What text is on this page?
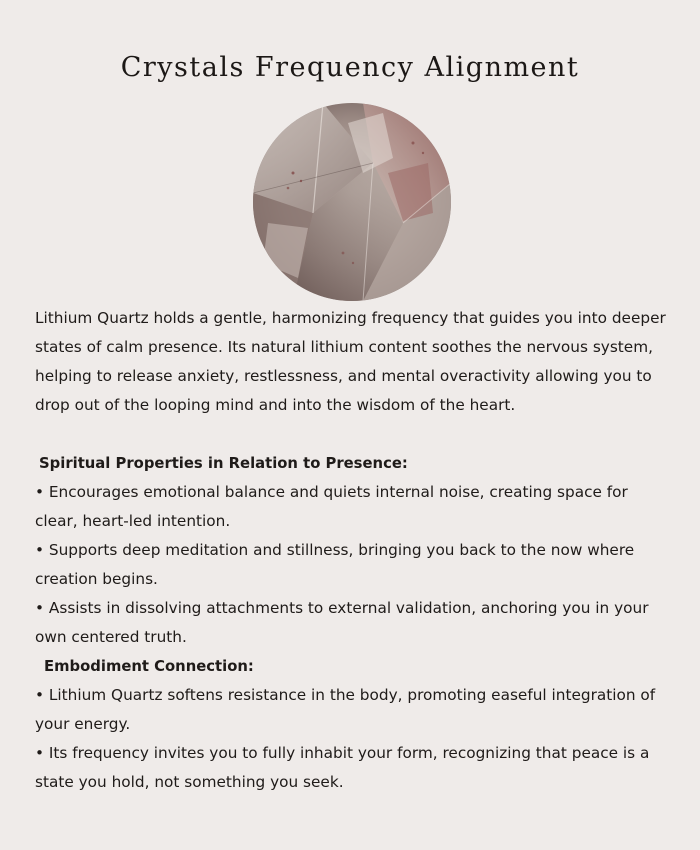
Crystals Frequency Alignment

Lithium Quartz holds a gentle, harmonizing frequency that guides you into deeper states of calm presence. Its natural lithium content soothes the nervous system, helping to release anxiety, restlessness, and mental overactivity allowing you to drop out of the looping mind and into the wisdom of the heart.

Spiritual Properties in Relation to Presence:

• Encourages emotional balance and quiets internal noise, creating space for clear, heart-led intention.

• Supports deep meditation and stillness, bringing you back to the now where creation begins.

• Assists in dissolving attachments to external validation, anchoring you in your own centered truth.

Embodiment Connection:

• Lithium Quartz softens resistance in the body, promoting easeful integration of your energy.

• Its frequency invites you to fully inhabit your form, recognizing that peace is a state you hold, not something you seek.
